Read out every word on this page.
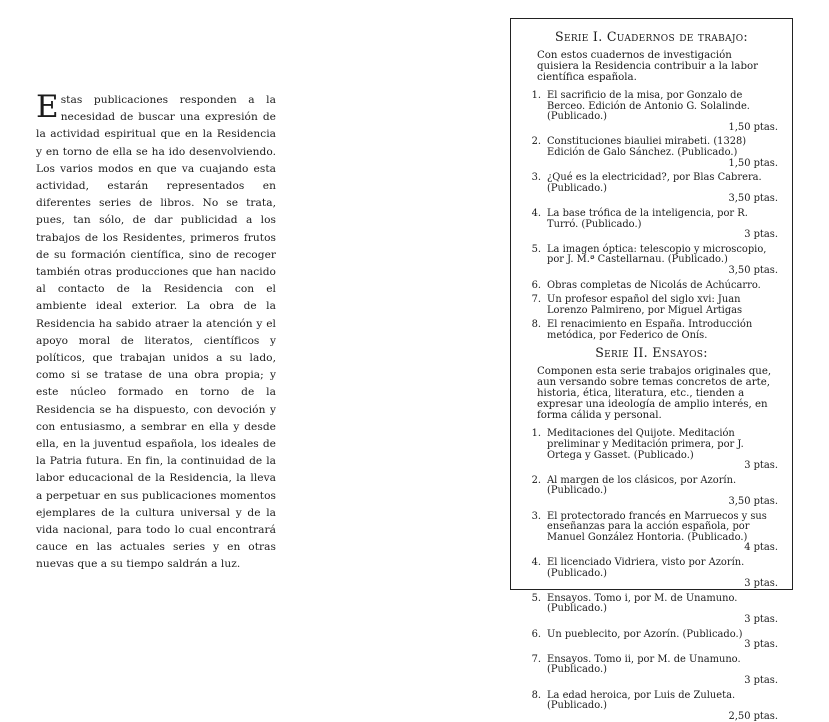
Estas publicaciones responden a la necesidad de buscar una expresión de la actividad espiritual que en la Residencia y en torno de ella se ha ido desenvolviendo. Los varios modos en que va cuajando esta actividad, estarán representados en diferentes series de libros. No se trata, pues, tan sólo, de dar publicidad a los trabajos de los Residentes, primeros frutos de su formación científica, sino de recoger también otras producciones que han nacido al contacto de la Residencia con el ambiente ideal exterior. La obra de la Residencia ha sabido atraer la atención y el apoyo moral de literatos, científicos y políticos, que trabajan unidos a su lado, como si se tratase de una obra propia; y este núcleo formado en torno de la Residencia se ha dispuesto, con devoción y con entusiasmo, a sembrar en ella y desde ella, en la juventud española, los ideales de la Patria futura. En fin, la continuidad de la labor educacional de la Residencia, la lleva a perpetuar en sus publicaciones momentos ejemplares de la cultura universal y de la vida nacional, para todo lo cual encontrará cauce en las actuales series y en otras nuevas que a su tiempo saldrán a luz.
Serie I. Cuadernos de trabajo:
Con estos cuadernos de investigación quisiera la Residencia contribuir a la labor científica española.
1. El sacrificio de la misa, por Gonzalo de Berceo. Edición de Antonio G. Solalinde. (Publicado.)
1,50 ptas.
2. Constituciones biauliei mirabeti. (1328) Edición de Galo Sánchez. (Publicado.)
1,50 ptas.
3. ¿Qué es la electricidad?, por Blas Cabrera. (Publicado.)
3,50 ptas.
4. La base trófica de la inteligencia, por R. Turró. (Publicado.)
3 ptas.
5. La imagen óptica: telescopio y microscopio, por J. M.ª Castellarnau. (Publicado.)
3,50 ptas.
6. Obras completas de Nicolás de Achúcarro.
7. Un profesor español del siglo xvi: Juan Lorenzo Palmireno, por Miguel Artigas
8. El renacimiento en España. Introducción metódica, por Federico de Onís.
Serie II. Ensayos:
Componen esta serie trabajos originales que, aun versando sobre temas concretos de arte, historia, ética, literatura, etc., tienden a expresar una ideología de amplio interés, en forma cálida y personal.
1. Meditaciones del Quijote. Meditación preliminar y Meditación primera, por J. Ortega y Gasset. (Publicado.)
3 ptas.
2. Al margen de los clásicos, por Azorín. (Publicado.)
3,50 ptas.
3. El protectorado francés en Marruecos y sus enseñanzas para la acción española, por Manuel González Hontoria. (Publicado.)
4 ptas.
4. El licenciado Vidriera, visto por Azorín. (Publicado.)
3 ptas.
5. Ensayos. Tomo i, por M. de Unamuno. (Publicado.)
3 ptas.
6. Un pueblecito, por Azorín. (Publicado.)
3 ptas.
7. Ensayos. Tomo ii, por M. de Unamuno. (Publicado.)
3 ptas.
8. La edad heroica, por Luis de Zulueta. (Publicado.)
2,50 ptas.
